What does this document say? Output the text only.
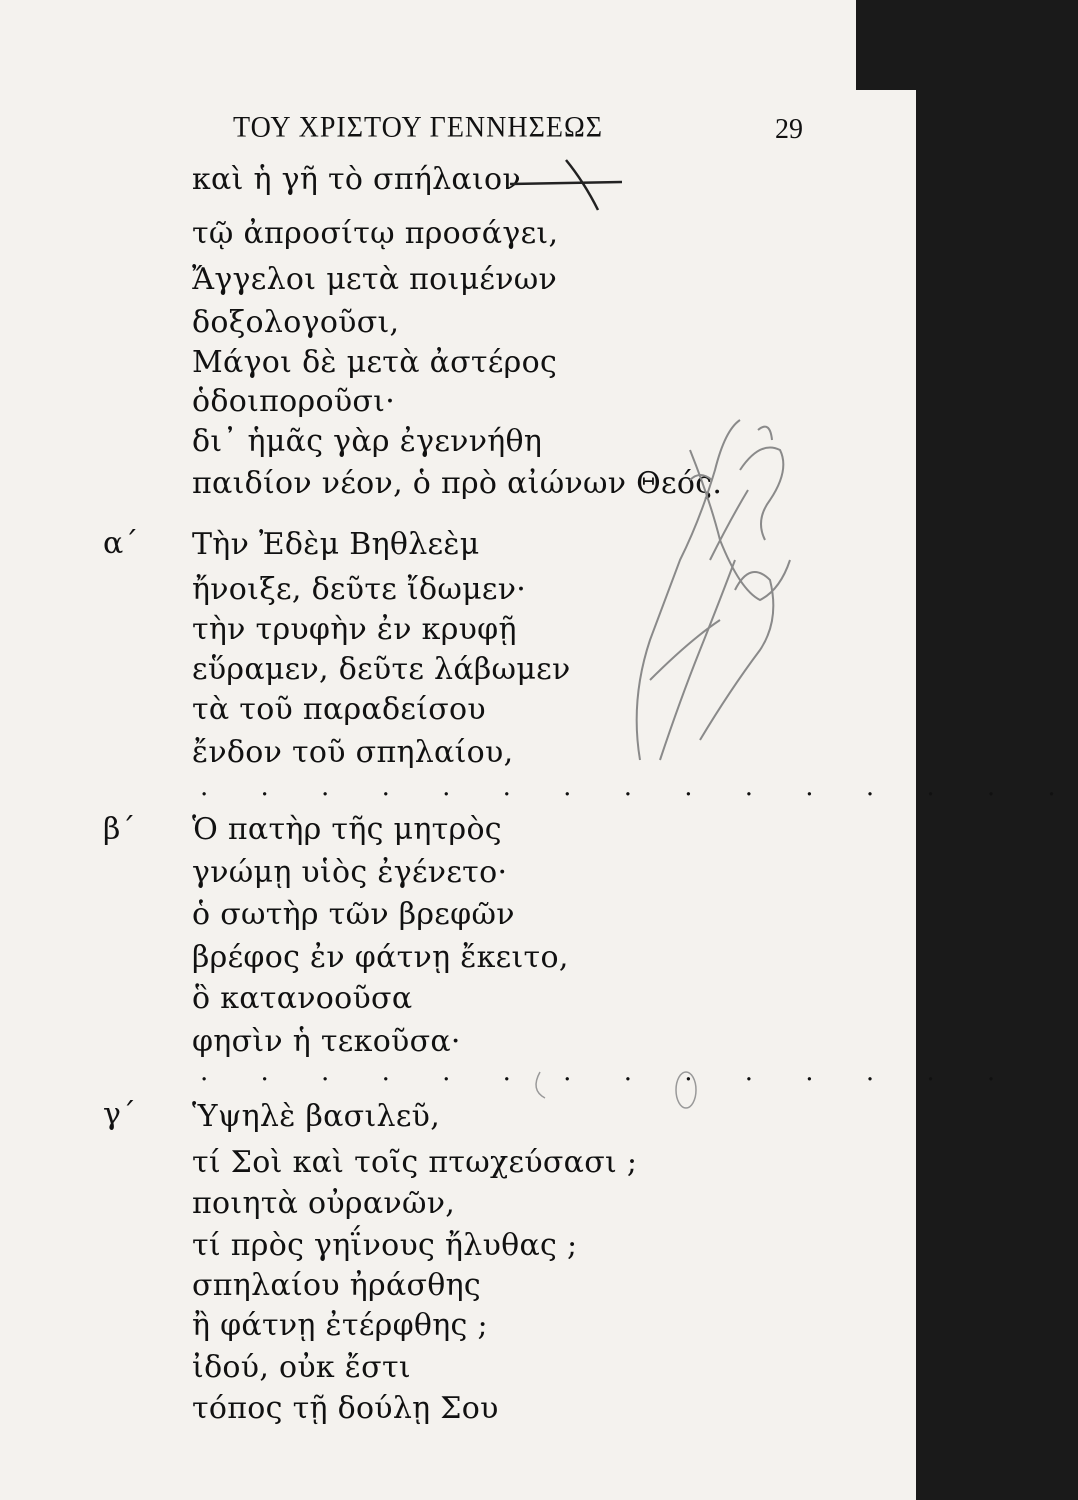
ΤΟΥ ΧΡΙΣΤΟΥ ΓΕΝΝΗΣΕΩΣ	29
καὶ ἡ γῆ τὸ σπήλαιον
τῷ ἀπροσίτῳ προσάγει,
Ἄγγελοι μετὰ ποιμένων
δοξολογοῦσι,
Μάγοι δὲ μετὰ ἀστέρος
ὁδοιποροῦσι·
δι᾽ ἡμᾶς γὰρ ἐγεννήθη
παιδίον νέον, ὁ πρὸ αἰώνων Θεός.
α΄ Τὴν Ἐδὲμ Βηθλεὲμ
ἤνοιξε, δεῦτε ἴδωμεν·
τὴν τρυφὴν ἐν κρυφῇ
εὕραμεν, δεῦτε λάβωμεν
τὰ τοῦ παραδείσου
ἔνδον τοῦ σπηλαίου,
. . . . . . . . . . . . . . .
β΄ Ὁ πατὴρ τῆς μητρὸς
γνώμῃ υἱὸς ἐγένετο·
ὁ σωτὴρ τῶν βρεφῶν
βρέφος ἐν φάτνῃ ἔκειτο,
ὃ κατανοοῦσα
φησὶν ἡ τεκοῦσα·
. . . . . . . . . . . . . .
γ΄ Ὑψηλὲ βασιλεῦ,
τί Σοὶ καὶ τοῖς πτωχεύσασι ;
ποιητὰ οὐρανῶν,
τί πρὸς γηΐνους ἤλυθας ;
σπηλαίου ἠράσθης
ἢ φάτνῃ ἐτέρφθης ;
ἰδού, οὐκ ἔστι
τόπος τῇ δούλῃ Σου
